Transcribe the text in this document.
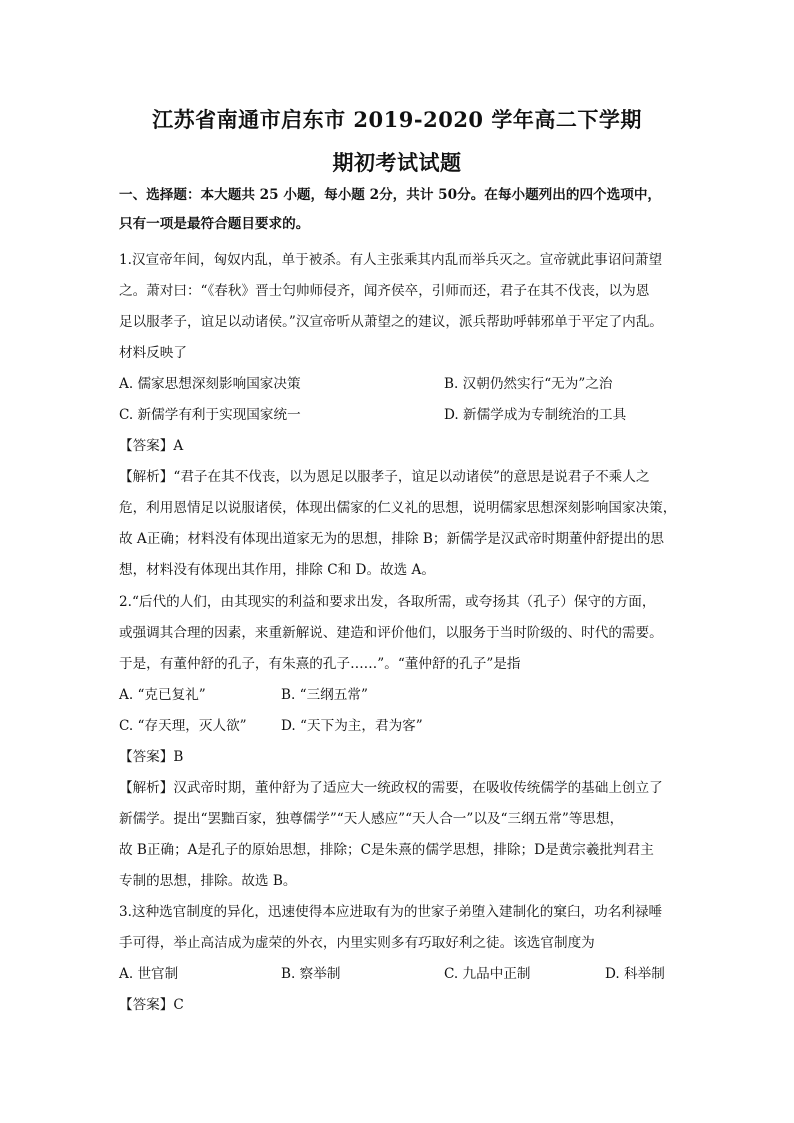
江苏省南通市启东市 2019-2020 学年高二下学期
期初考试试题
一、选择题：本大题共 25 小题，每小题 2分，共计 50分。在每小题列出的四个选项中，
只有一项是最符合题目要求的。
1.汉宣帝年间，匈奴内乱，单于被杀。有人主张乘其内乱而举兵灭之。宣帝就此事诏问萧望
之。萧对曰：“《春秋》晋士匄帅师侵齐，闻齐侯卒，引师而还，君子在其不伐丧，以为恩
足以服孝子，谊足以动诸侯。”汉宣帝听从萧望之的建议，派兵帮助呼韩邪单于平定了内乱。
材料反映了
A. 儒家思想深刻影响国家决策	B. 汉朝仍然实行“无为”之治
C. 新儒学有利于实现国家统一	D. 新儒学成为专制统治的工具
【答案】A
【解析】“君子在其不伐丧，以为恩足以服孝子，谊足以动诸侯”的意思是说君子不乘人之
危，利用恩情足以说服诸侯，体现出儒家的仁义礼的思想，说明儒家思想深刻影响国家决策，
故 A正确；材料没有体现出道家无为的思想，排除 B；新儒学是汉武帝时期董仲舒提出的思
想，材料没有体现出其作用，排除 C和 D。故选 A。
2.“后代的人们，由其现实的利益和要求出发，各取所需，或夸扬其（孔子）保守的方面，
或强调其合理的因素，来重新解说、建造和评价他们，以服务于当时阶级的、时代的需要。
于是，有董仲舒的孔子，有朱熹的孔子……”。“董仲舒的孔子”是指
A. “克已复礼”	B. “三纲五常”
C. “存天理，灭人欲”	D. “天下为主，君为客”
【答案】B
【解析】汉武帝时期，董仲舒为了适应大一统政权的需要，在吸收传统儒学的基础上创立了
新儒学。提出“罢黜百家，独尊儒学”“天人感应”“天人合一”以及“三纲五常”等思想，
故 B正确；A是孔子的原始思想，排除；C是朱熹的儒学思想，排除；D是黄宗羲批判君主
专制的思想，排除。故选 B。
3.这种选官制度的异化，迅速使得本应进取有为的世家子弟堕入建制化的窠臼，功名利禄唾
手可得，举止高洁成为虚荣的外衣，内里实则多有巧取好利之徒。该选官制度为
A. 世官制	B. 察举制	C. 九品中正制	D. 科举制
【答案】C
